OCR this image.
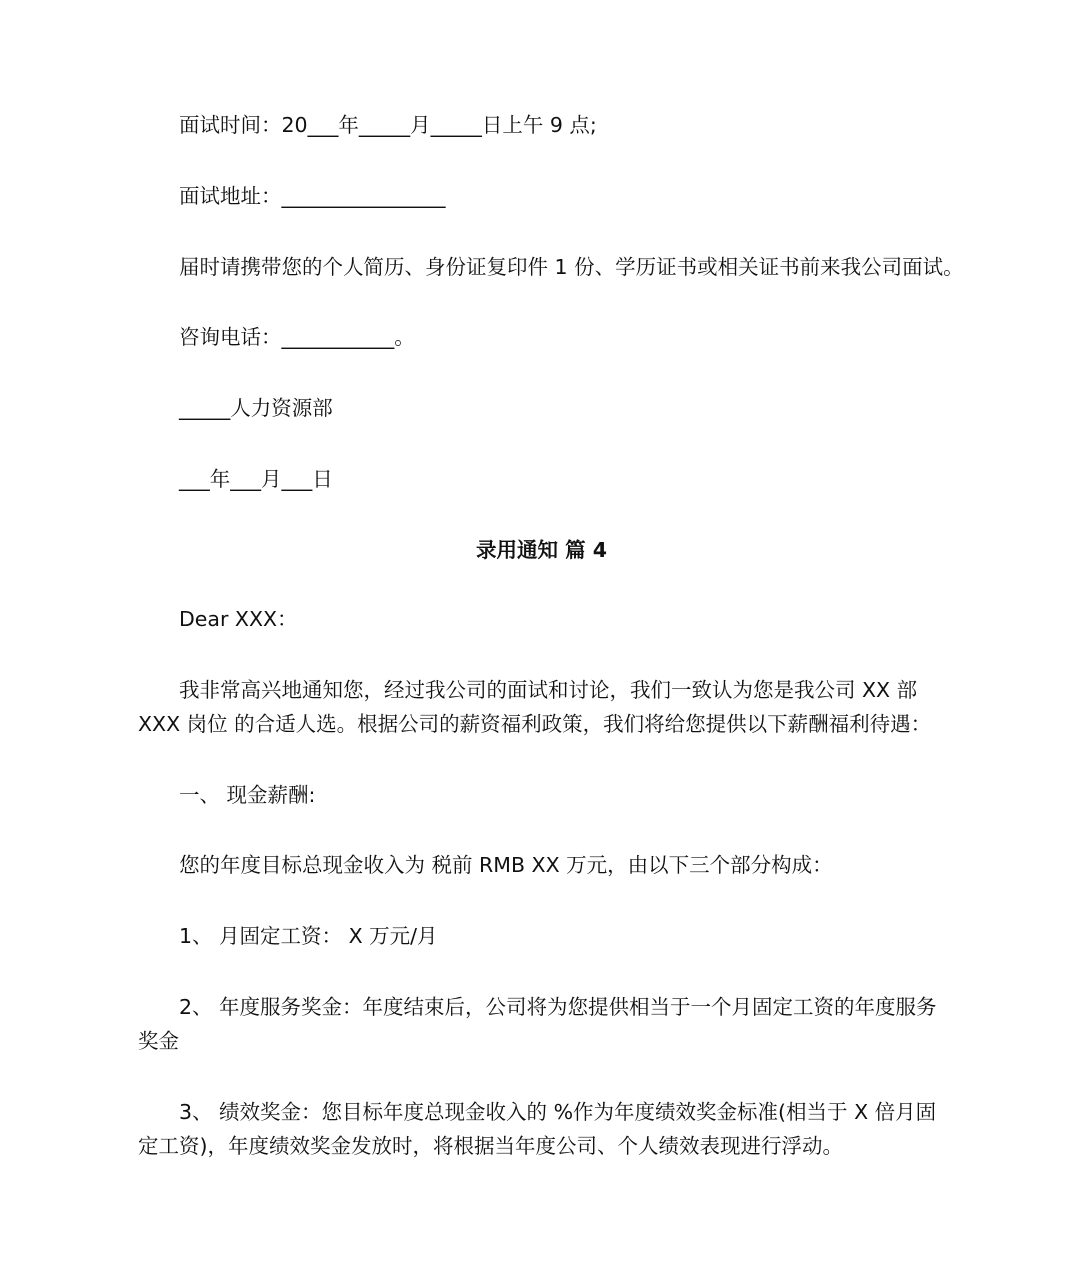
面试时间：20___年_____月_____日上午 9 点;
面试地址：________________
届时请携带您的个人简历、身份证复印件 1 份、学历证书或相关证书前来我公司面试。
咨询电话：___________。
_____人力资源部
___年___月___日
录用通知 篇 4
Dear XXX：
我非常高兴地通知您，经过我公司的面试和讨论，我们一致认为您是我公司 XX 部
XXX 岗位 的合适人选。根据公司的薪资福利政策，我们将给您提供以下薪酬福利待遇：
一、 现金薪酬:
您的年度目标总现金收入为 税前 RMB XX 万元，由以下三个部分构成：
1、 月固定工资： X 万元/月
2、 年度服务奖金：年度结束后，公司将为您提供相当于一个月固定工资的年度服务
奖金
3、 绩效奖金：您目标年度总现金收入的 %作为年度绩效奖金标准(相当于 X 倍月固
定工资)，年度绩效奖金发放时，将根据当年度公司、个人绩效表现进行浮动。
